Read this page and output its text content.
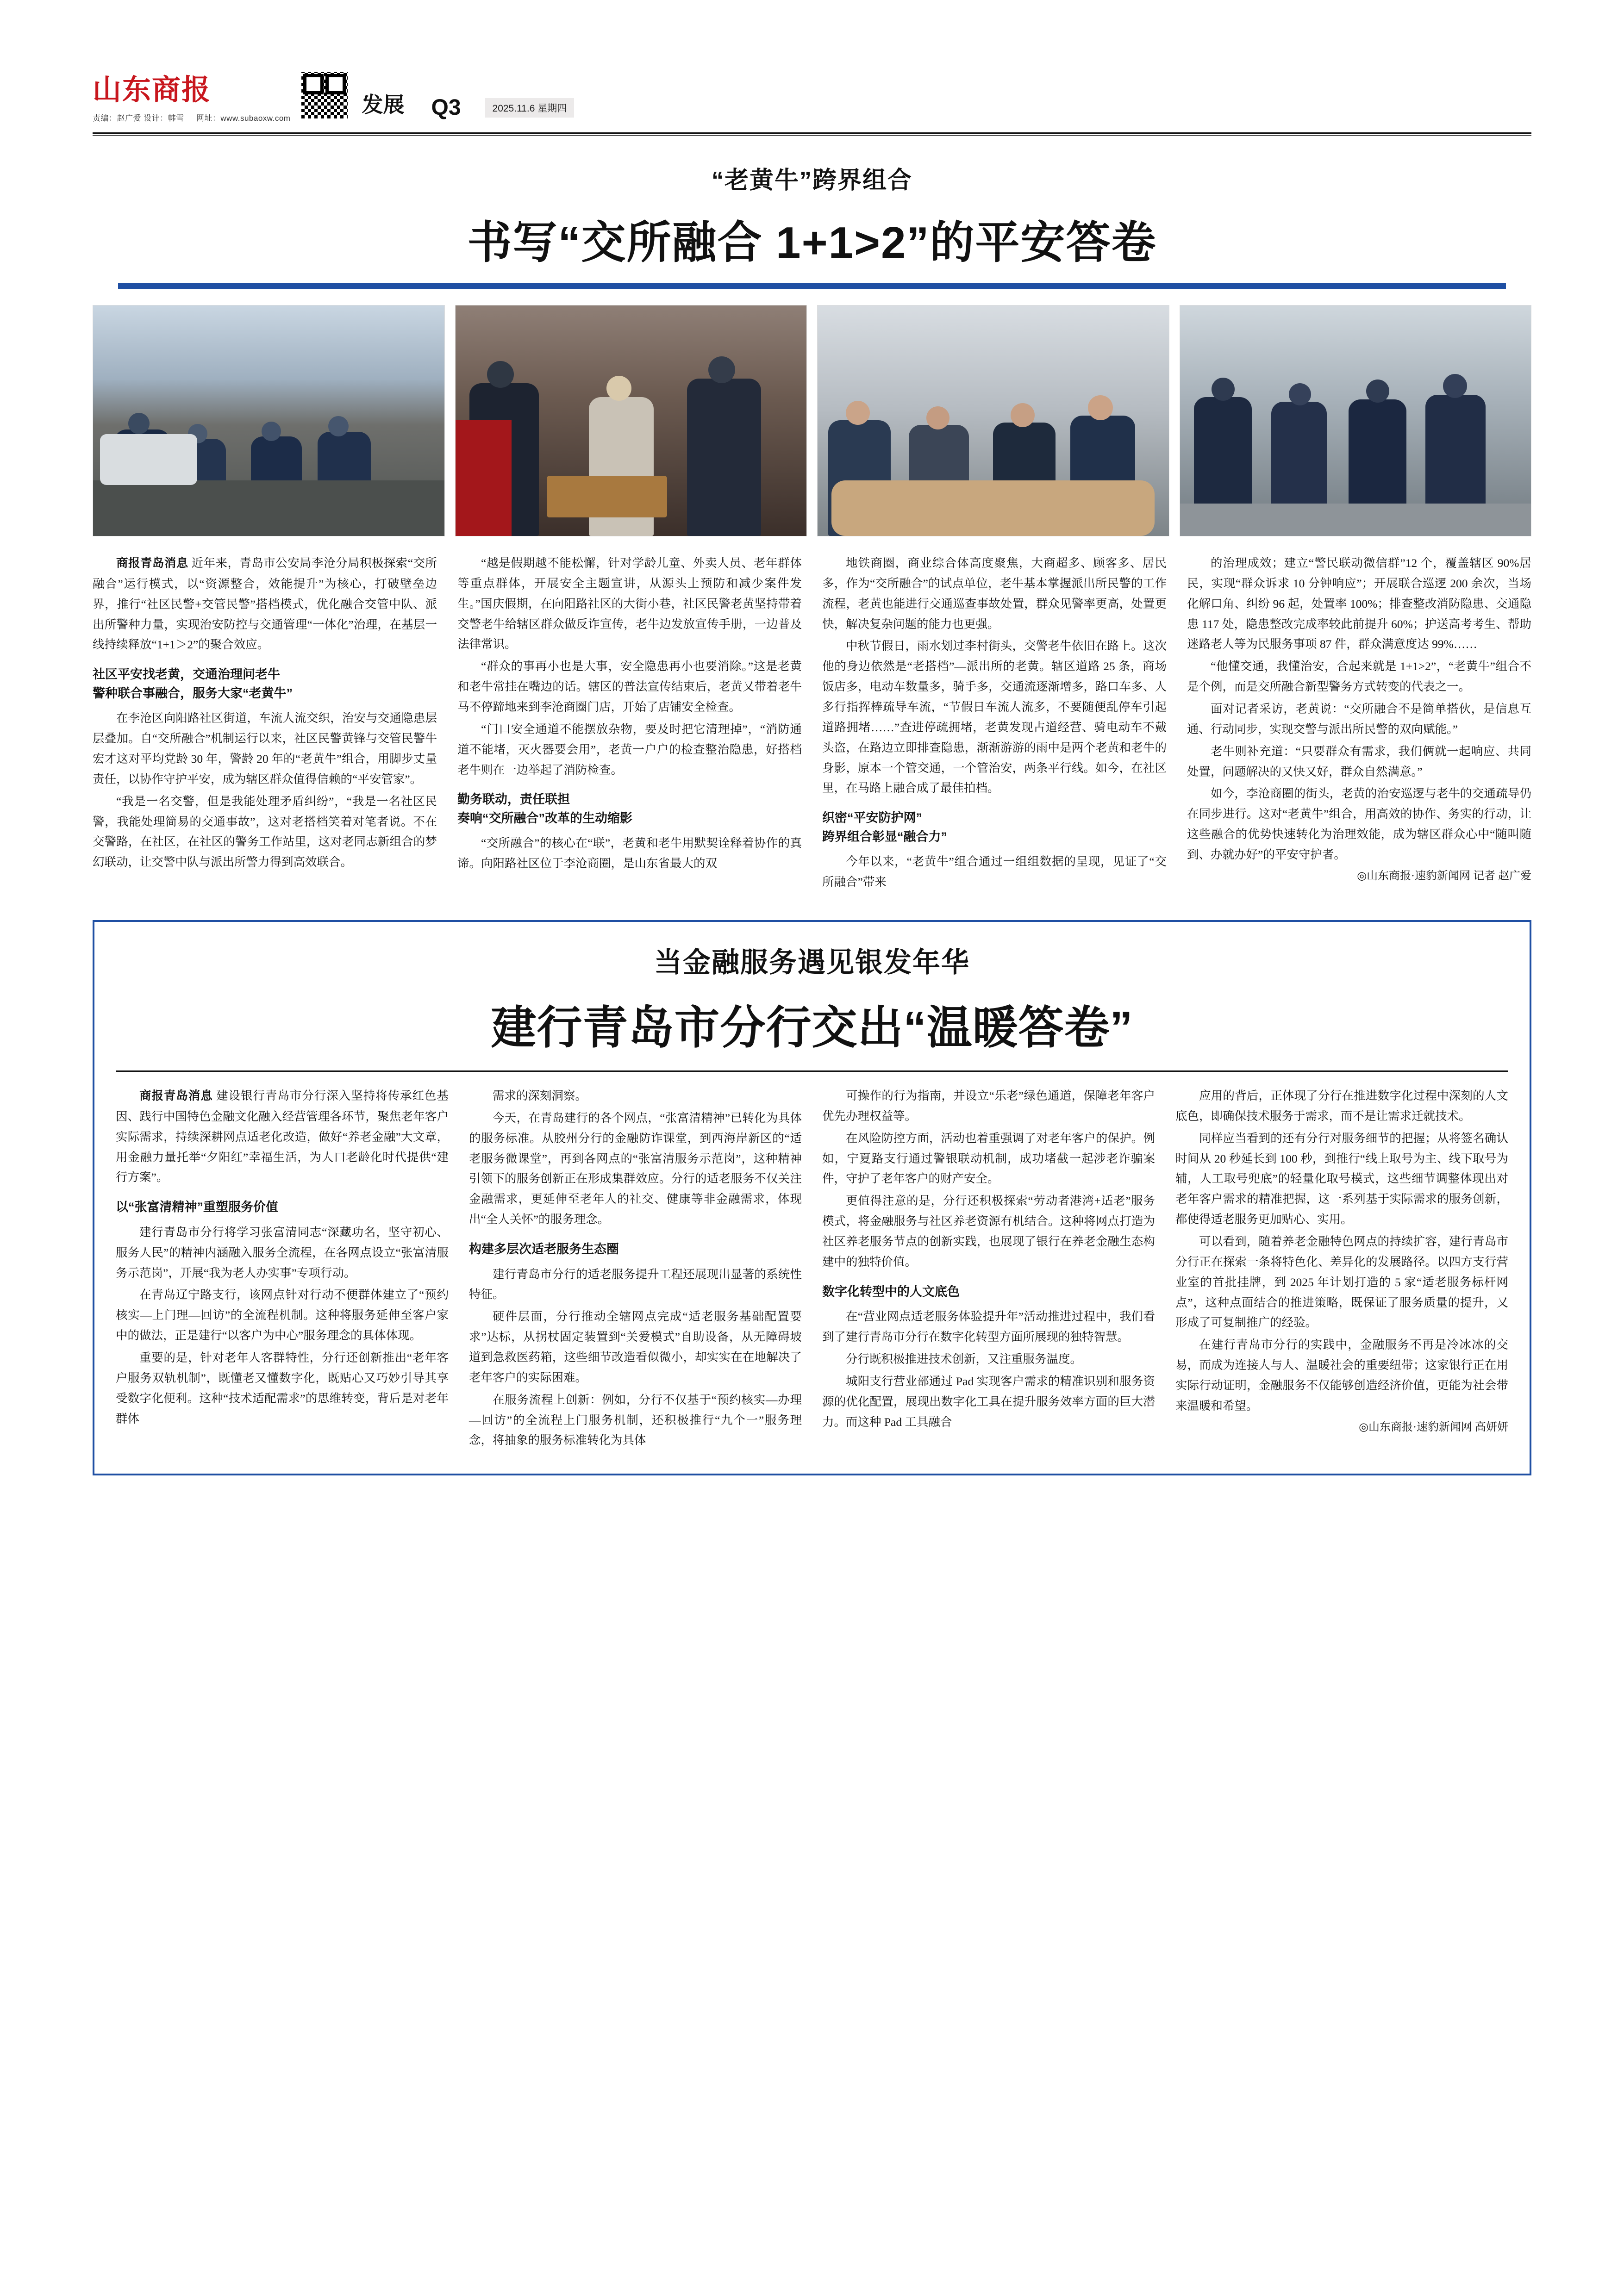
山东商报
责编：赵广爱 设计：韩雪 网址：www.subaoxw.com
发展 Q3	2025.11.6 星期四
“老黄牛”跨界组合
书写“交所融合 1+1>2”的平安答卷

商报青岛消息 近年来，青岛市公安局李沧分局积极探索“交所融合”运行模式，以“资源整合，效能提升”为核心，打破壁垒边界，推行“社区民警+交管民警”搭档模式，优化融合交管中队、派出所警种力量，实现治安防控与交通管理“一体化”治理，在基层一线持续释放“1+1＞2”的聚合效应。

社区平安找老黄，交通治理问老牛
警种联合事融合，服务大家“老黄牛”

在李沧区向阳路社区街道，车流人流交织，治安与交通隐患层层叠加。自“交所融合”机制运行以来，社区民警黄锋与交管民警牛宏才这对平均党龄 30 年，警龄 20 年的“老黄牛”组合，用脚步丈量责任，以协作守护平安，成为辖区群众值得信赖的“平安管家”。

“我是一名交警，但是我能处理矛盾纠纷”，“我是一名社区民警，我能处理简易的交通事故”，这对老搭档笑着对笔者说。不在交警路，在社区，在社区的警务工作站里，这对老同志新组合的梦幻联动，让交警中队与派出所警力得到高效联合。

“越是假期越不能松懈，针对学龄儿童、外卖人员、老年群体等重点群体，开展安全主题宣讲，从源头上预防和减少案件发生。”国庆假期，在向阳路社区的大街小巷，社区民警老黄坚持带着交警老牛给辖区群众做反诈宣传，老牛边发放宣传手册，一边普及法律常识。

“群众的事再小也是大事，安全隐患再小也要消除。”这是老黄和老牛常挂在嘴边的话。辖区的普法宣传结束后，老黄又带着老牛马不停蹄地来到李沧商圈门店，开始了店铺安全检查。

“门口安全通道不能摆放杂物，要及时把它清理掉”，“消防通道不能堵，灭火器要会用”，老黄一户户的检查整治隐患，好搭档老牛则在一边举起了消防检查。

勤务联动，责任联担
奏响“交所融合”改革的生动缩影

“交所融合”的核心在“联”，老黄和老牛用默契诠释着协作的真谛。向阳路社区位于李沧商圈，是山东省最大的双

地铁商圈，商业综合体高度聚焦，大商超多、顾客多、居民多，作为“交所融合”的试点单位，老牛基本掌握派出所民警的工作流程，老黄也能进行交通巡查事故处置，群众见警率更高，处置更快，解决复杂问题的能力也更强。

中秋节假日，雨水划过李村街头，交警老牛依旧在路上。这次他的身边依然是“老搭档”—派出所的老黄。辖区道路 25 条，商场饭店多，电动车数量多，骑手多，交通流逐渐增多，路口车多、人多行指挥棒疏导车流，“节假日车流人流多，不要随便乱停车引起道路拥堵……”查进停疏拥堵，老黄发现占道经营、骑电动车不戴头盗，在路边立即排查隐患，渐渐游游的雨中是两个老黄和老牛的身影，原本一个管交通，一个管治安，两条平行线。如今，在社区里，在马路上融合成了最佳拍档。

织密“平安防护网”
跨界组合彰显“融合力”

今年以来，“老黄牛”组合通过一组组数据的呈现，见证了“交所融合”带来

的治理成效；建立“警民联动微信群”12 个，覆盖辖区 90%居民，实现“群众诉求 10 分钟响应”；开展联合巡逻 200 余次，当场化解口角、纠纷 96 起，处置率 100%；排查整改消防隐患、交通隐患 117 处，隐患整改完成率较此前提升 60%；护送高考考生、帮助迷路老人等为民服务事项 87 件，群众满意度达 99%……

“他懂交通，我懂治安，合起来就是 1+1>2”，“老黄牛”组合不是个例，而是交所融合新型警务方式转变的代表之一。

面对记者采访，老黄说：“交所融合不是简单搭伙，是信息互通、行动同步，实现交警与派出所民警的双向赋能。”

老牛则补充道：“只要群众有需求，我们俩就一起响应、共同处置，问题解决的又快又好，群众自然满意。”

如今，李沧商圈的街头，老黄的治安巡逻与老牛的交通疏导仍在同步进行。这对“老黄牛”组合，用高效的协作、务实的行动，让这些融合的优势快速转化为治理效能，成为辖区群众心中“随叫随到、办就办好”的平安守护者。

◎山东商报·速豹新闻网 记者 赵广爱

当金融服务遇见银发年华
建行青岛市分行交出“温暖答卷”

商报青岛消息 建设银行青岛市分行深入坚持将传承红色基因、践行中国特色金融文化融入经营管理各环节，聚焦老年客户实际需求，持续深耕网点适老化改造，做好“养老金融”大文章，用金融力量托举“夕阳红”幸福生活，为人口老龄化时代提供“建行方案”。

以“张富清精神”重塑服务价值

建行青岛市分行将学习张富清同志“深藏功名，坚守初心、服务人民”的精神内涵融入服务全流程，在各网点设立“张富清服务示范岗”，开展“我为老人办实事”专项行动。

在青岛辽宁路支行，该网点针对行动不便群体建立了“预约核实—上门理—回访”的全流程机制。这种将服务延伸至客户家中的做法，正是建行“以客户为中心”服务理念的具体体现。

重要的是，针对老年人客群特性，分行还创新推出“老年客户服务双轨机制”，既懂老又懂数字化，既贴心又巧妙引导其享受数字化便利。这种“技术适配需求”的思维转变，背后是对老年群体

需求的深刻洞察。

今天，在青岛建行的各个网点，“张富清精神”已转化为具体的服务标准。从胶州分行的金融防诈课堂，到西海岸新区的“适老服务微课堂”，再到各网点的“张富清服务示范岗”，这种精神引领下的服务创新正在形成集群效应。分行的适老服务不仅关注金融需求，更延伸至老年人的社交、健康等非金融需求，体现出“全人关怀”的服务理念。

构建多层次适老服务生态圈

建行青岛市分行的适老服务提升工程还展现出显著的系统性特征。

硬件层面，分行推动全辖网点完成“适老服务基础配置要求”达标，从拐杖固定装置到“关爱模式”自助设备，从无障碍坡道到急救医药箱，这些细节改造看似微小，却实实在在地解决了老年客户的实际困难。

在服务流程上创新：例如，分行不仅基于“预约核实—办理—回访”的全流程上门服务机制，还积极推行“九个一”服务理念，将抽象的服务标准转化为具体

可操作的行为指南，并设立“乐老”绿色通道，保障老年客户优先办理权益等。

在风险防控方面，活动也着重强调了对老年客户的保护。例如，宁夏路支行通过警银联动机制，成功堵截一起涉老诈骗案件，守护了老年客户的财产安全。

更值得注意的是，分行还积极探索“劳动者港湾+适老”服务模式，将金融服务与社区养老资源有机结合。这种将网点打造为社区养老服务节点的创新实践，也展现了银行在养老金融生态构建中的独特价值。

数字化转型中的人文底色

在“营业网点适老服务体验提升年”活动推进过程中，我们看到了建行青岛市分行在数字化转型方面所展现的独特智慧。

分行既积极推进技术创新，又注重服务温度。

城阳支行营业部通过 Pad 实现客户需求的精准识别和服务资源的优化配置，展现出数字化工具在提升服务效率方面的巨大潜力。而这种 Pad 工具融合

应用的背后，正体现了分行在推进数字化过程中深刻的人文底色，即确保技术服务于需求，而不是让需求迁就技术。

同样应当看到的还有分行对服务细节的把握；从将签名确认时间从 20 秒延长到 100 秒，到推行“线上取号为主、线下取号为辅，人工取号兜底”的轻量化取号模式，这些细节调整体现出对老年客户需求的精准把握，这一系列基于实际需求的服务创新，都使得适老服务更加贴心、实用。

可以看到，随着养老金融特色网点的持续扩容，建行青岛市分行正在探索一条将特色化、差异化的发展路径。以四方支行营业室的首批挂牌，到 2025 年计划打造的 5 家“适老服务标杆网点”，这种点面结合的推进策略，既保证了服务质量的提升，又形成了可复制推广的经验。

在建行青岛市分行的实践中，金融服务不再是冷冰冰的交易，而成为连接人与人、温暖社会的重要纽带；这家银行正在用实际行动证明，金融服务不仅能够创造经济价值，更能为社会带来温暖和希望。

◎山东商报·速豹新闻网 高妍妍
